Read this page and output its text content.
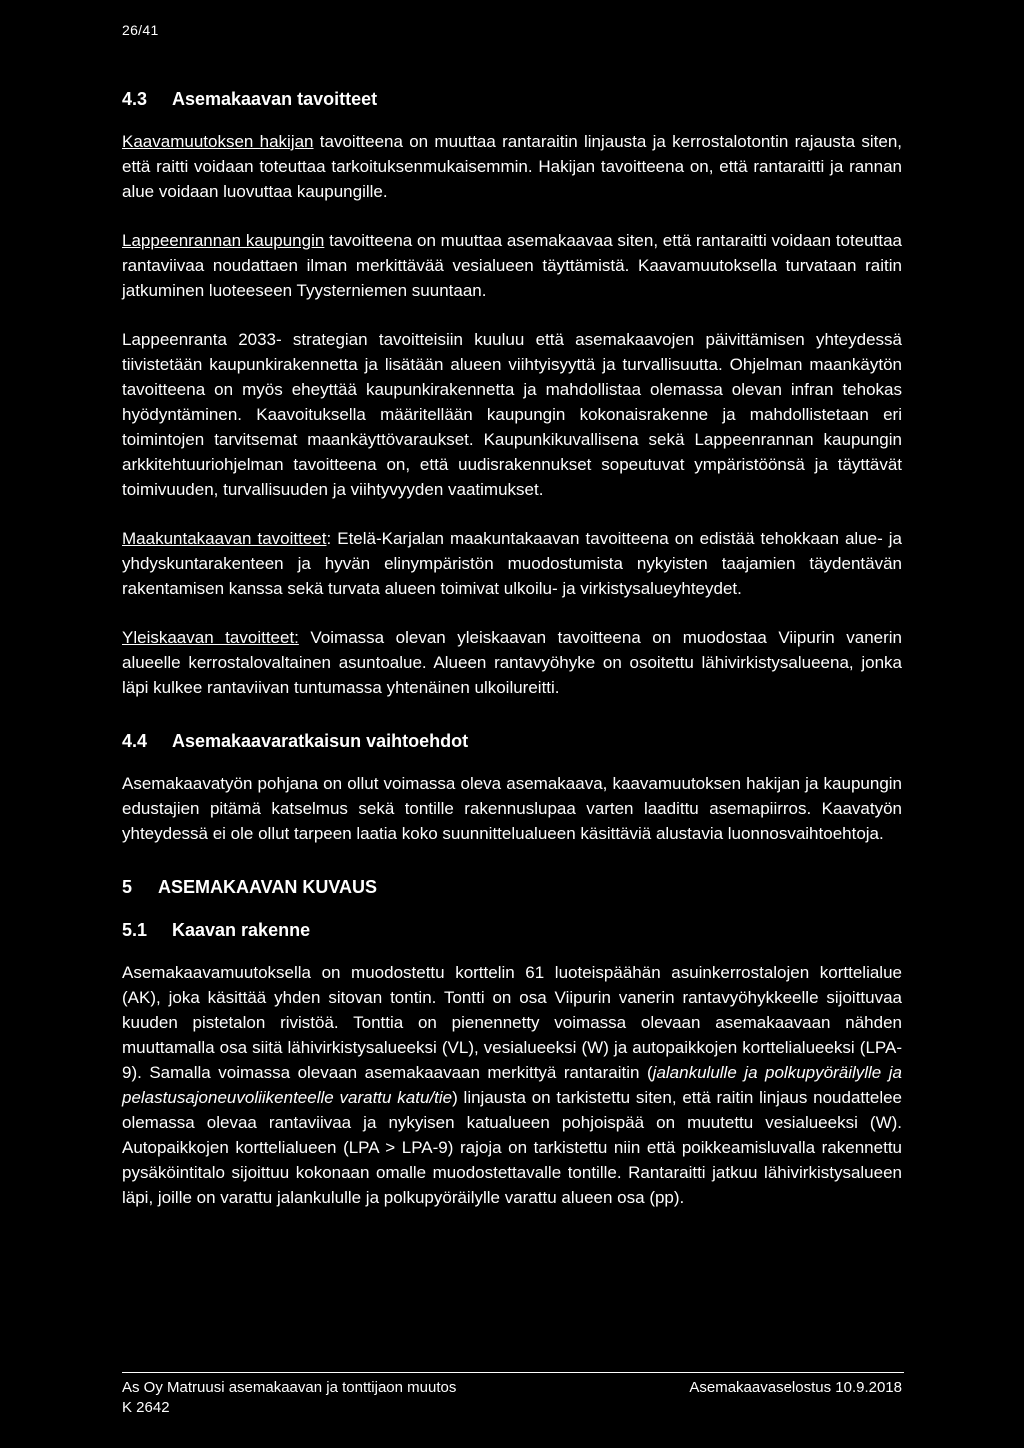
26/41
4.3 Asemakaavan tavoitteet

Kaavamuutoksen hakijan tavoitteena on muuttaa rantaraitin linjausta ja kerrostalotontin rajausta siten, että raitti voidaan toteuttaa tarkoituksenmukaisemmin. Hakijan tavoitteena on, että rantaraitti ja rannan alue voidaan luovuttaa kaupungille.

Lappeenrannan kaupungin tavoitteena on muuttaa asemakaavaa siten, että rantaraitti voidaan toteuttaa rantaviivaa noudattaen ilman merkittävää vesialueen täyttämistä. Kaavamuutoksella turvataan raitin jatkuminen luoteeseen Tyysterniemen suuntaan.

Lappeenranta 2033- strategian tavoitteisiin kuuluu että asemakaavojen päivittämisen yhteydessä tiivistetään kaupunkirakennetta ja lisätään alueen viihtyisyyttä ja turvallisuutta. Ohjelman maankäytön tavoitteena on myös eheyttää kaupunkirakennetta ja mahdollistaa olemassa olevan infran tehokas hyödyntäminen. Kaavoituksella määritellään kaupungin kokonaisrakenne ja mahdollistetaan eri toimintojen tarvitsemat maankäyttövaraukset. Kaupunkikuvallisena sekä Lappeenrannan kaupungin arkkitehtuuriohjelman tavoitteena on, että uudisrakennukset sopeutuvat ympäristöönsä ja täyttävät toimivuuden, turvallisuuden ja viihtyvyyden vaatimukset.

Maakuntakaavan tavoitteet: Etelä-Karjalan maakuntakaavan tavoitteena on edistää tehokkaan alue- ja yhdyskuntarakenteen ja hyvän elinympäristön muodostumista nykyisten taajamien täydentävän rakentamisen kanssa sekä turvata alueen toimivat ulkoilu- ja virkistysalueyhteydet.

Yleiskaavan tavoitteet: Voimassa olevan yleiskaavan tavoitteena on muodostaa Viipurin vanerin alueelle kerrostalovaltainen asuntoalue. Alueen rantavyöhyke on osoitettu lähivirkistysalueena, jonka läpi kulkee rantaviivan tuntumassa yhtenäinen ulkoilureitti.

4.4 Asemakaavaratkaisun vaihtoehdot

Asemakaavatyön pohjana on ollut voimassa oleva asemakaava, kaavamuutoksen hakijan ja kaupungin edustajien pitämä katselmus sekä tontille rakennuslupaa varten laadittu asemapiirros. Kaavatyön yhteydessä ei ole ollut tarpeen laatia koko suunnittelualueen käsittäviä alustavia luonnosvaihtoehtoja.

5 ASEMAKAAVAN KUVAUS
5.1 Kaavan rakenne

Asemakaavamuutoksella on muodostettu korttelin 61 luoteispäähän asuinkerrostalojen korttelialue (AK), joka käsittää yhden sitovan tontin. Tontti on osa Viipurin vanerin rantavyöhykkeelle sijoittuvaa kuuden pistetalon rivistöä. Tonttia on pienennetty voimassa olevaan asemakaavaan nähden muuttamalla osa siitä lähivirkistysalueeksi (VL), vesialueeksi (W) ja autopaikkojen korttelialueeksi (LPA-9). Samalla voimassa olevaan asemakaavaan merkittyä rantaraitin (jalankululle ja polkupyöräilylle ja pelastusajoneuvoliikenteelle varattu katu/tie) linjausta on tarkistettu siten, että raitin linjaus noudattelee olemassa olevaa rantaviivaa ja nykyisen katualueen pohjoispää on muutettu vesialueeksi (W). Autopaikkojen korttelialueen (LPA > LPA-9) rajoja on tarkistettu niin että poikkeamisluvalla rakennettu pysäköintitalo sijoittuu kokonaan omalle muodostettavalle tontille. Rantaraitti jatkuu lähivirkistysalueen läpi, joille on varattu jalankululle ja polkupyöräilylle varattu alueen osa (pp).

As Oy Matruusi asemakaavan ja tonttijaon muutos
K 2642
Asemakaavaselostus 10.9.2018
